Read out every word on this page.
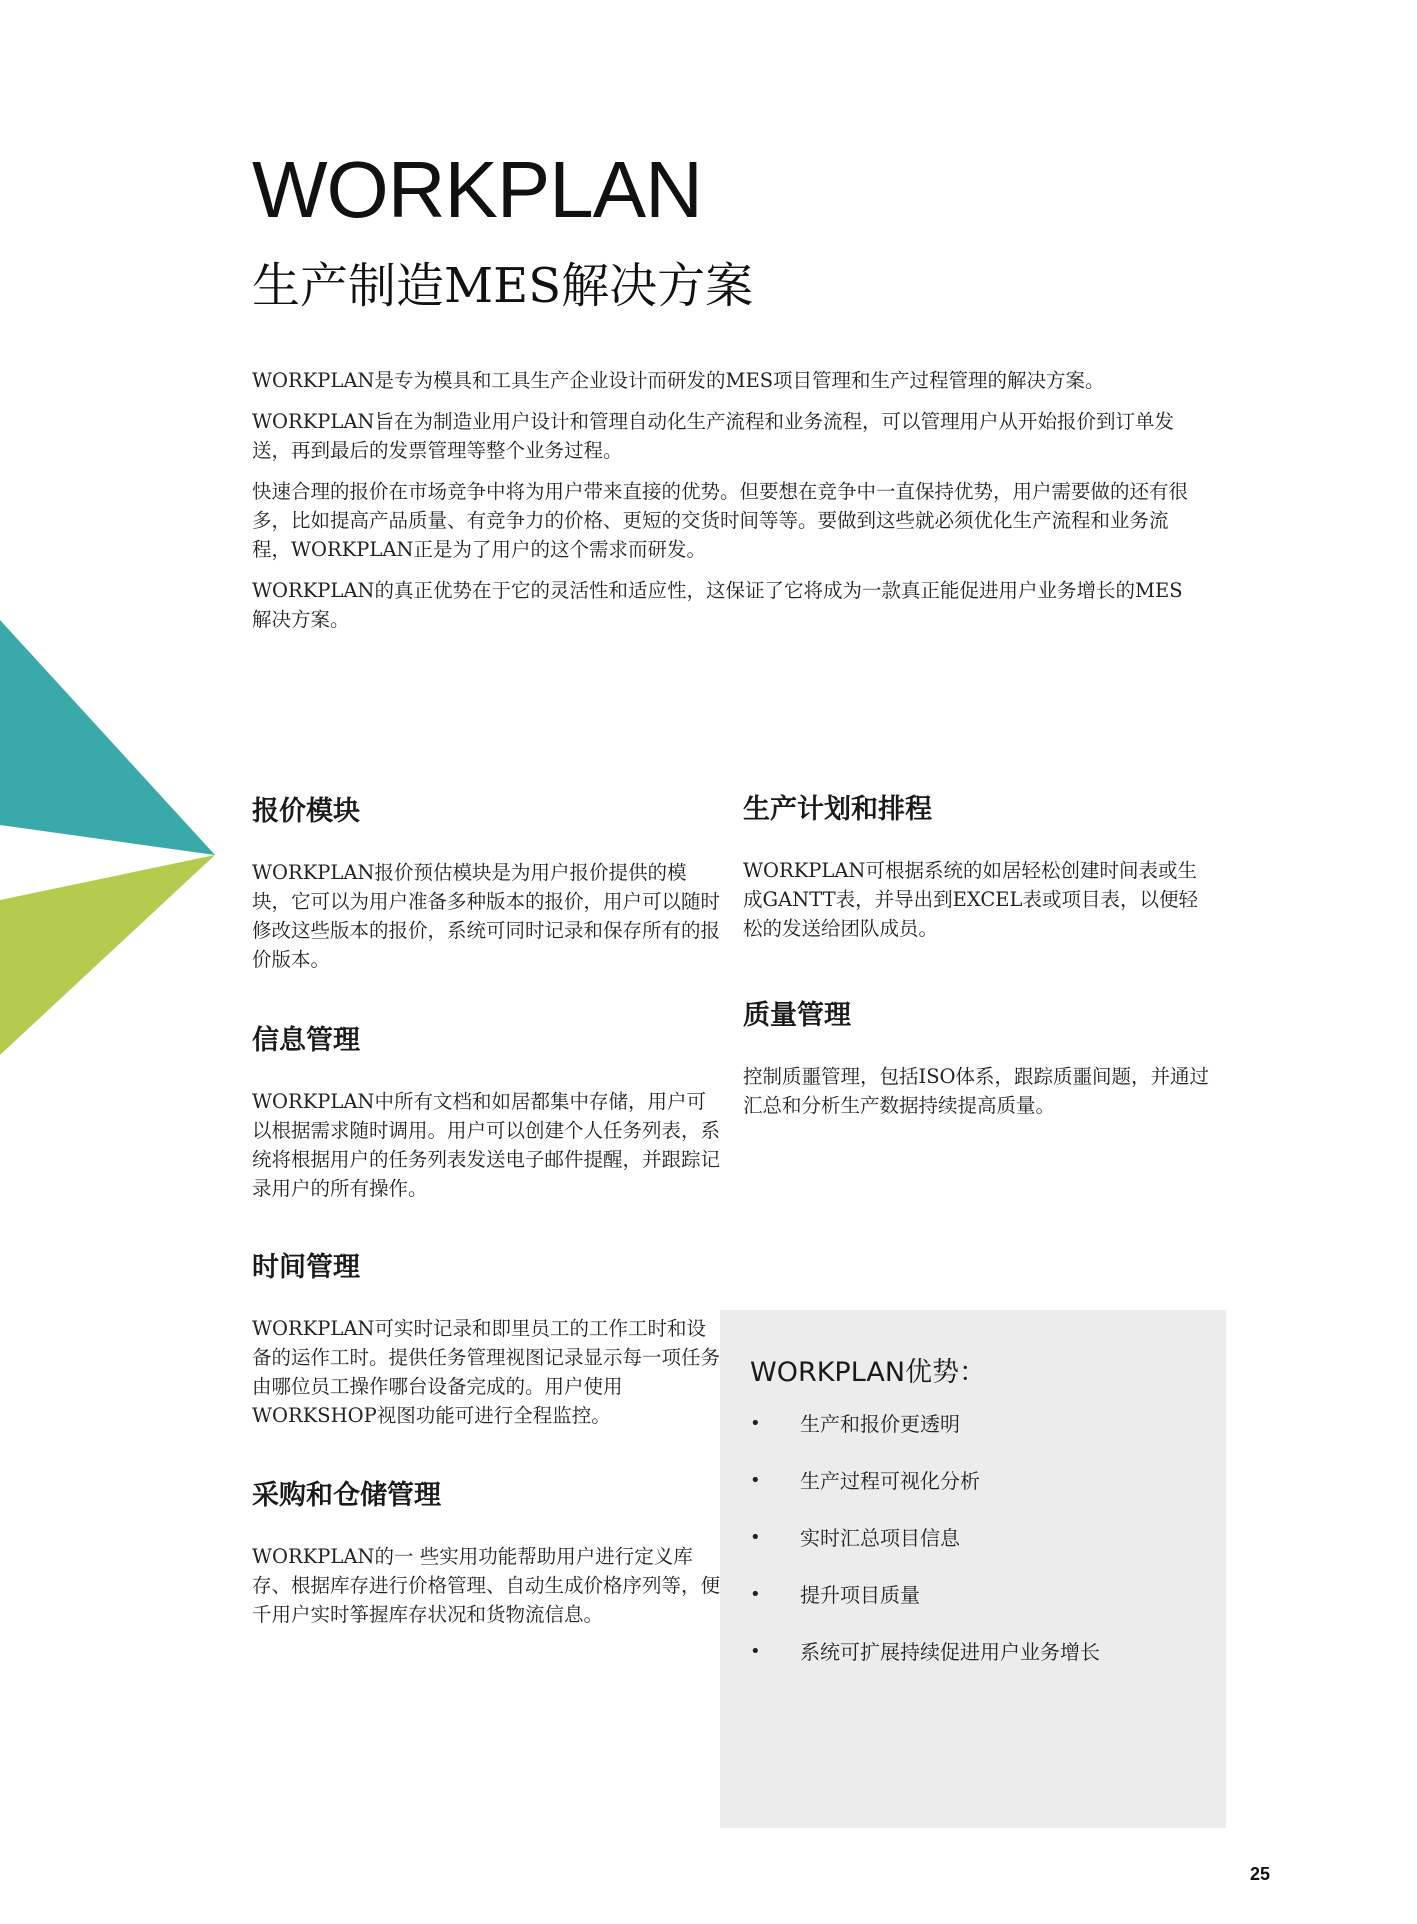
WORKPLAN
生产制造MES解决方案

WORKPLAN是专为模具和工具生产企业设计而研发的MES项目管理和生产过程管理的解决方案。

WORKPLAN旨在为制造业用户设计和管理自动化生产流程和业务流程，可以管理用户从开始报价到订单发送，再到最后的发票管理等整个业务过程。

快速合理的报价在市场竞争中将为用户带来直接的优势。但要想在竞争中一直保持优势，用户需要做的还有很多，比如提高产品质量、有竞争力的价格、更短的交货时间等等。要做到这些就必须优化生产流程和业务流程，WORKPLAN正是为了用户的这个需求而研发。

WORKPLAN的真正优势在于它的灵活性和适应性，这保证了它将成为一款真正能促进用户业务增长的MES解决方案。

报价模块

WORKPLAN报价预估模块是为用户报价提供的模块，它可以为用户准备多种版本的报价，用户可以随时修改这些版本的报价，系统可同时记录和保存所有的报价版本。

信息管理

WORKPLAN中所有文档和如居都集中存储，用户可以根据需求随时调用。用户可以创建个人任务列表，系统将根据用户的任务列表发送电子邮件提醒，并跟踪记录用户的所有操作。

时间管理

WORKPLAN可实时记录和即里员工的工作工时和设备的运作工时。提供任务管理视图记录显示每一项任务由哪位员工操作哪台设备完成的。用户使用WORKSHOP视图功能可进行全程监控。

采购和仓储管理

WORKPLAN的一 些实用功能帮助用户进行定义库存、根据库存进行价格管理、自动生成价格序列等，便千用户实时筝握库存状况和货物流信息。

生产计划和排程

WORKPLAN可根据系统的如居轻松创建时间表或生成GANTT表，并导出到EXCEL表或项目表，以便轻松的发送给团队成员。

质量管理

控制质噩管理，包括ISO体系，跟踪质噩间题，并通过汇总和分析生产数据持续提高质量。

WORKPLAN优势：
• 生产和报价更透明
• 生产过程可视化分析
• 实时汇总项目信息
• 提升项目质量
• 系统可扩展持续促进用户业务增长
25
